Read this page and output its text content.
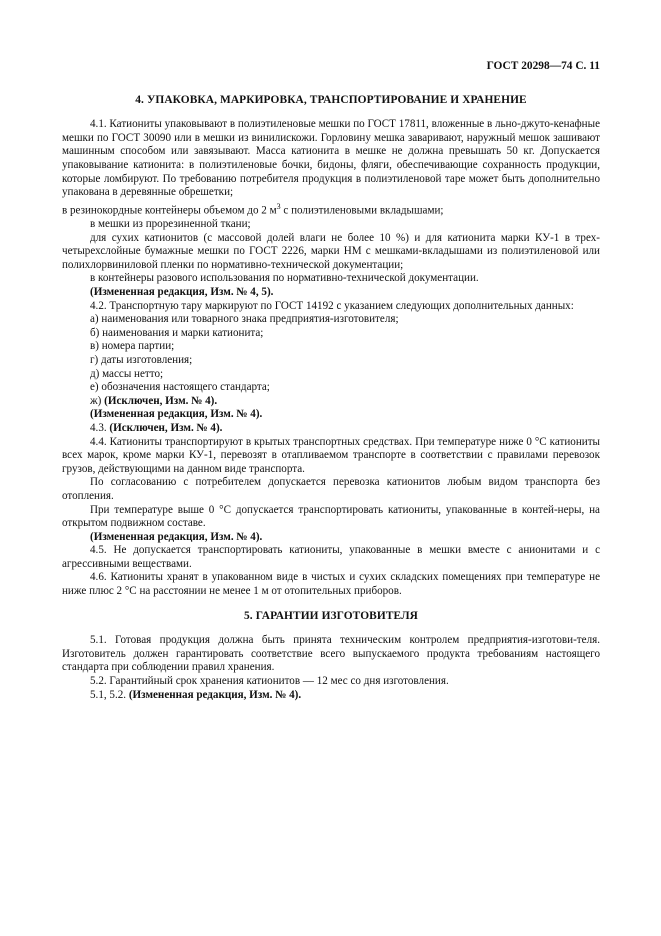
ГОСТ 20298—74 С. 11
4. УПАКОВКА, МАРКИРОВКА, ТРАНСПОРТИРОВАНИЕ И ХРАНЕНИЕ

4.1. Катиониты упаковывают в полиэтиленовые мешки по ГОСТ 17811, вложенные в льно-джуто-кенафные мешки по ГОСТ 30090 или в мешки из винилискожи. Горловину мешка заваривают, наружный мешок зашивают машинным способом или завязывают. Масса катионита в мешке не должна превышать 50 кг. Допускается упаковывание катионита: в полиэтиленовые бочки, бидоны, фляги, обеспечивающие сохранность продукции, которые ломбируют. По требованию потребителя продукция в полиэтиленовой таре может быть дополнительно упакована в деревянные обрешетки;

в резинокордные контейнеры объемом до 2 $м^3$ с полиэтиленовыми вкладышами;

в мешки из прорезиненной ткани;

для сухих катионитов (с массовой долей влаги не более 10 %) и для катионита марки КУ-1 в трех-четырехслойные бумажные мешки по ГОСТ 2226, марки НМ с мешками-вкладышами из полиэтиленовой или полихлорвиниловой пленки по нормативно-технической документации;

в контейнеры разового использования по нормативно-технической документации.

(Измененная редакция, Изм. № 4, 5).

4.2. Транспортную тару маркируют по ГОСТ 14192 с указанием следующих дополнительных данных:

а) наименования или товарного знака предприятия-изготовителя;

б) наименования и марки катионита;

в) номера партии;

г) даты изготовления;

д) массы нетто;

е) обозначения настоящего стандарта;

ж) (Исключен, Изм. № 4).

(Измененная редакция, Изм. № 4).

4.3. (Исключен, Изм. № 4).

4.4. Катиониты транспортируют в крытых транспортных средствах. При температуре ниже 0 °С катиониты всех марок, кроме марки КУ-1, перевозят в отапливаемом транспорте в соответствии с правилами перевозок грузов, действующими на данном виде транспорта.

По согласованию с потребителем допускается перевозка катионитов любым видом транспорта без отопления.

При температуре выше 0 °С допускается транспортировать катиониты, упакованные в контей-неры, на открытом подвижном составе.

(Измененная редакция, Изм. № 4).

4.5. Не допускается транспортировать катиониты, упакованные в мешки вместе с анионитами и с агрессивными веществами.

4.6. Катиониты хранят в упакованном виде в чистых и сухих складских помещениях при температуре не ниже плюс 2 °С на расстоянии не менее 1 м от отопительных приборов.

5. ГАРАНТИИ ИЗГОТОВИТЕЛЯ

5.1. Готовая продукция должна быть принята техническим контролем предприятия-изготови-теля. Изготовитель должен гарантировать соответствие всего выпускаемого продукта требованиям настоящего стандарта при соблюдении правил хранения.

5.2. Гарантийный срок хранения катионитов — 12 мес со дня изготовления.

5.1, 5.2. (Измененная редакция, Изм. № 4).
